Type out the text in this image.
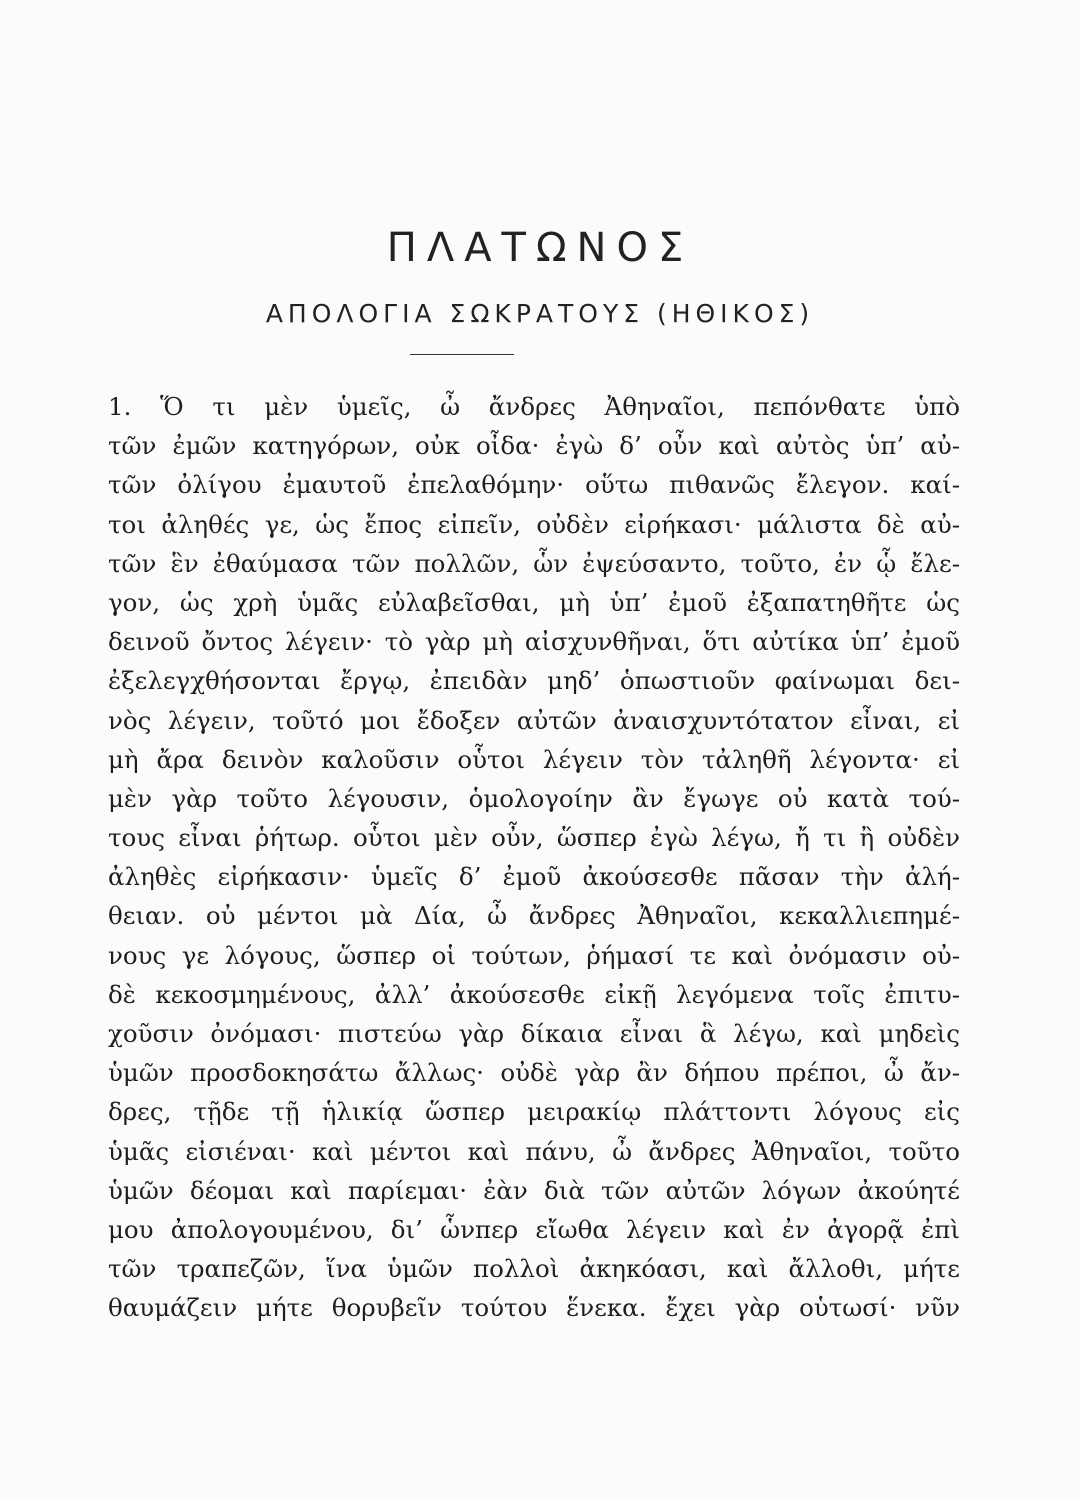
ΠΛΑΤΩΝΟΣ
ΑΠΟΛΟΓΙΑ ΣΩΚΡΑΤΟΥΣ (ΗΘΙΚΟΣ)
1. Ὅ τι μὲν ὑμεῖς, ὦ ἄνδρες Ἀθηναῖοι, πεπόνθατε ὑπὸ
τῶν ἐμῶν κατηγόρων, οὐκ οἶδα· ἐγὼ δ’ οὖν καὶ αὐτὸς ὑπ’ αὐ-
τῶν ὀλίγου ἐμαυτοῦ ἐπελαθόμην· οὕτω πιθανῶς ἔλεγον. καί-
τοι ἀληθές γε, ὡς ἔπος εἰπεῖν, οὐδὲν εἰρήκασι· μάλιστα δὲ αὐ-
τῶν ἓν ἐθαύμασα τῶν πολλῶν, ὧν ἐψεύσαντο, τοῦτο, ἐν ᾧ ἔλε-
γον, ὡς χρὴ ὑμᾶς εὐλαβεῖσθαι, μὴ ὑπ’ ἐμοῦ ἐξαπατηθῆτε ὡς
δεινοῦ ὄντος λέγειν· τὸ γὰρ μὴ αἰσχυνθῆναι, ὅτι αὐτίκα ὑπ’ ἐμοῦ
ἐξελεγχθήσονται ἔργῳ, ἐπειδὰν μηδ’ ὁπωστιοῦν φαίνωμαι δει-
νὸς λέγειν, τοῦτό μοι ἔδοξεν αὐτῶν ἀναισχυντότατον εἶναι, εἰ
μὴ ἄρα δεινὸν καλοῦσιν οὗτοι λέγειν τὸν τἀληθῆ λέγοντα· εἰ
μὲν γὰρ τοῦτο λέγουσιν, ὁμολογοίην ἂν ἔγωγε οὐ κατὰ τού-
τους εἶναι ῥήτωρ. οὗτοι μὲν οὖν, ὥσπερ ἐγὼ λέγω, ἤ τι ἢ οὐδὲν
ἀληθὲς εἰρήκασιν· ὑμεῖς δ’ ἐμοῦ ἀκούσεσθε πᾶσαν τὴν ἀλή-
θειαν. οὐ μέντοι μὰ Δία, ὦ ἄνδρες Ἀθηναῖοι, κεκαλλιεπημέ-
νους γε λόγους, ὥσπερ οἱ τούτων, ῥήμασί τε καὶ ὀνόμασιν οὐ-
δὲ κεκοσμημένους, ἀλλ’ ἀκούσεσθε εἰκῇ λεγόμενα τοῖς ἐπιτυ-
χοῦσιν ὀνόμασι· πιστεύω γὰρ δίκαια εἶναι ἃ λέγω, καὶ μηδεὶς
ὑμῶν προσδοκησάτω ἄλλως· οὐδὲ γὰρ ἂν δήπου πρέποι, ὦ ἄν-
δρες, τῇδε τῇ ἡλικίᾳ ὥσπερ μειρακίῳ πλάττοντι λόγους εἰς
ὑμᾶς εἰσιέναι· καὶ μέντοι καὶ πάνυ, ὦ ἄνδρες Ἀθηναῖοι, τοῦτο
ὑμῶν δέομαι καὶ παρίεμαι· ἐὰν διὰ τῶν αὐτῶν λόγων ἀκούητέ
μου ἀπολογουμένου, δι’ ὧνπερ εἴωθα λέγειν καὶ ἐν ἀγορᾷ ἐπὶ
τῶν τραπεζῶν, ἵνα ὑμῶν πολλοὶ ἀκηκόασι, καὶ ἄλλοθι, μήτε
θαυμάζειν μήτε θορυβεῖν τούτου ἕνεκα. ἔχει γὰρ οὑτωσί· νῦν
